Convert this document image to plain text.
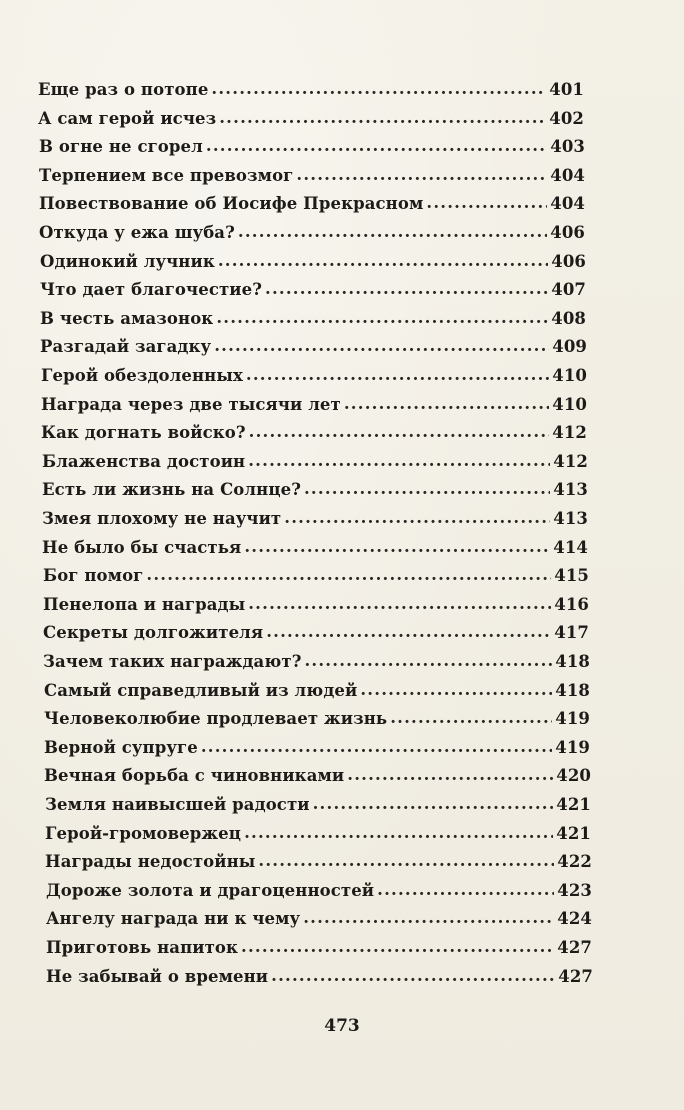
Еще раз о потопе .....	401
А сам герой исчез .....	402
В огне не сгорел .....	403
Терпением все превозмог .....	404
Повествование об Иосифе Прекрасном .....	404
Откуда у ежа шуба? .....	406
Одинокий лучник .....	406
Что дает благочестие? .....	407
В честь амазонок .....	408
Разгадай загадку .....	409
Герой обездоленных .....	410
Награда через две тысячи лет .....	410
Как догнать войско? .....	412
Блаженства достоин .....	412
Есть ли жизнь на Солнце? .....	413
Змея плохому не научит .....	413
Не было бы счастья .....	414
Бог помог .....	415
Пенелопа и награды .....	416
Секреты долгожителя .....	417
Зачем таких награждают? .....	418
Самый справедливый из людей .....	418
Человеколюбие продлевает жизнь .....	419
Верной супруге .....	419
Вечная борьба с чиновниками .....	420
Земля наивысшей радости .....	421
Герой-громовержец .....	421
Награды недостойны .....	422
Дороже золота и драгоценностей .....	423
Ангелу награда ни к чему .....	424
Приготовь напиток .....	427
Не забывай о времени .....	427
473
